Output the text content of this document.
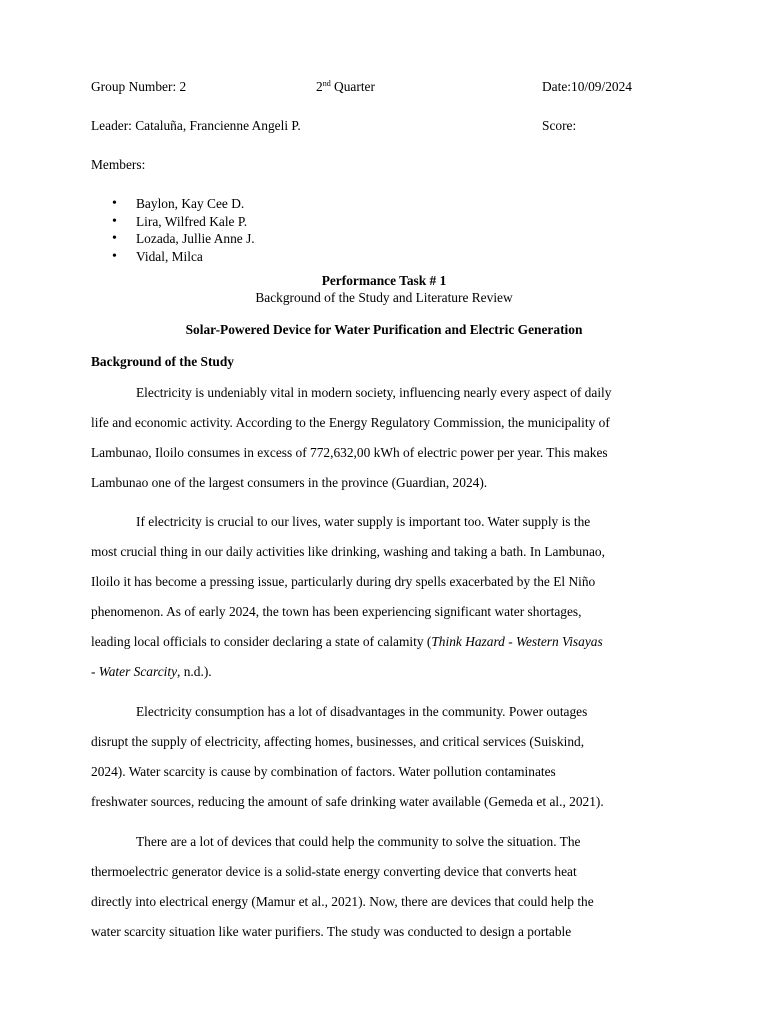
Group Number: 2	2nd Quarter	Date:10/09/2024
Leader: Cataluña, Francienne Angeli P.	Score:
Members:
• Baylon, Kay Cee D.
• Lira, Wilfred Kale P.
• Lozada, Jullie Anne J.
• Vidal, Milca
Performance Task # 1
Background of the Study and Literature Review
Solar-Powered Device for Water Purification and Electric Generation
Background of the Study
Electricity is undeniably vital in modern society, influencing nearly every aspect of daily
life and economic activity. According to the Energy Regulatory Commission, the municipality of
Lambunao, Iloilo consumes in excess of 772,632,00 kWh of electric power per year. This makes
Lambunao one of the largest consumers in the province (Guardian, 2024).
If electricity is crucial to our lives, water supply is important too. Water supply is the
most crucial thing in our daily activities like drinking, washing and taking a bath. In Lambunao,
Iloilo it has become a pressing issue, particularly during dry spells exacerbated by the El Niño
phenomenon. As of early 2024, the town has been experiencing significant water shortages,
leading local officials to consider declaring a state of calamity (Think Hazard - Western Visayas
- Water Scarcity, n.d.).
Electricity consumption has a lot of disadvantages in the community. Power outages
disrupt the supply of electricity, affecting homes, businesses, and critical services (Suiskind,
2024). Water scarcity is cause by combination of factors. Water pollution contaminates
freshwater sources, reducing the amount of safe drinking water available (Gemeda et al., 2021).
There are a lot of devices that could help the community to solve the situation. The
thermoelectric generator device is a solid-state energy converting device that converts heat
directly into electrical energy (Mamur et al., 2021). Now, there are devices that could help the
water scarcity situation like water purifiers. The study was conducted to design a portable
